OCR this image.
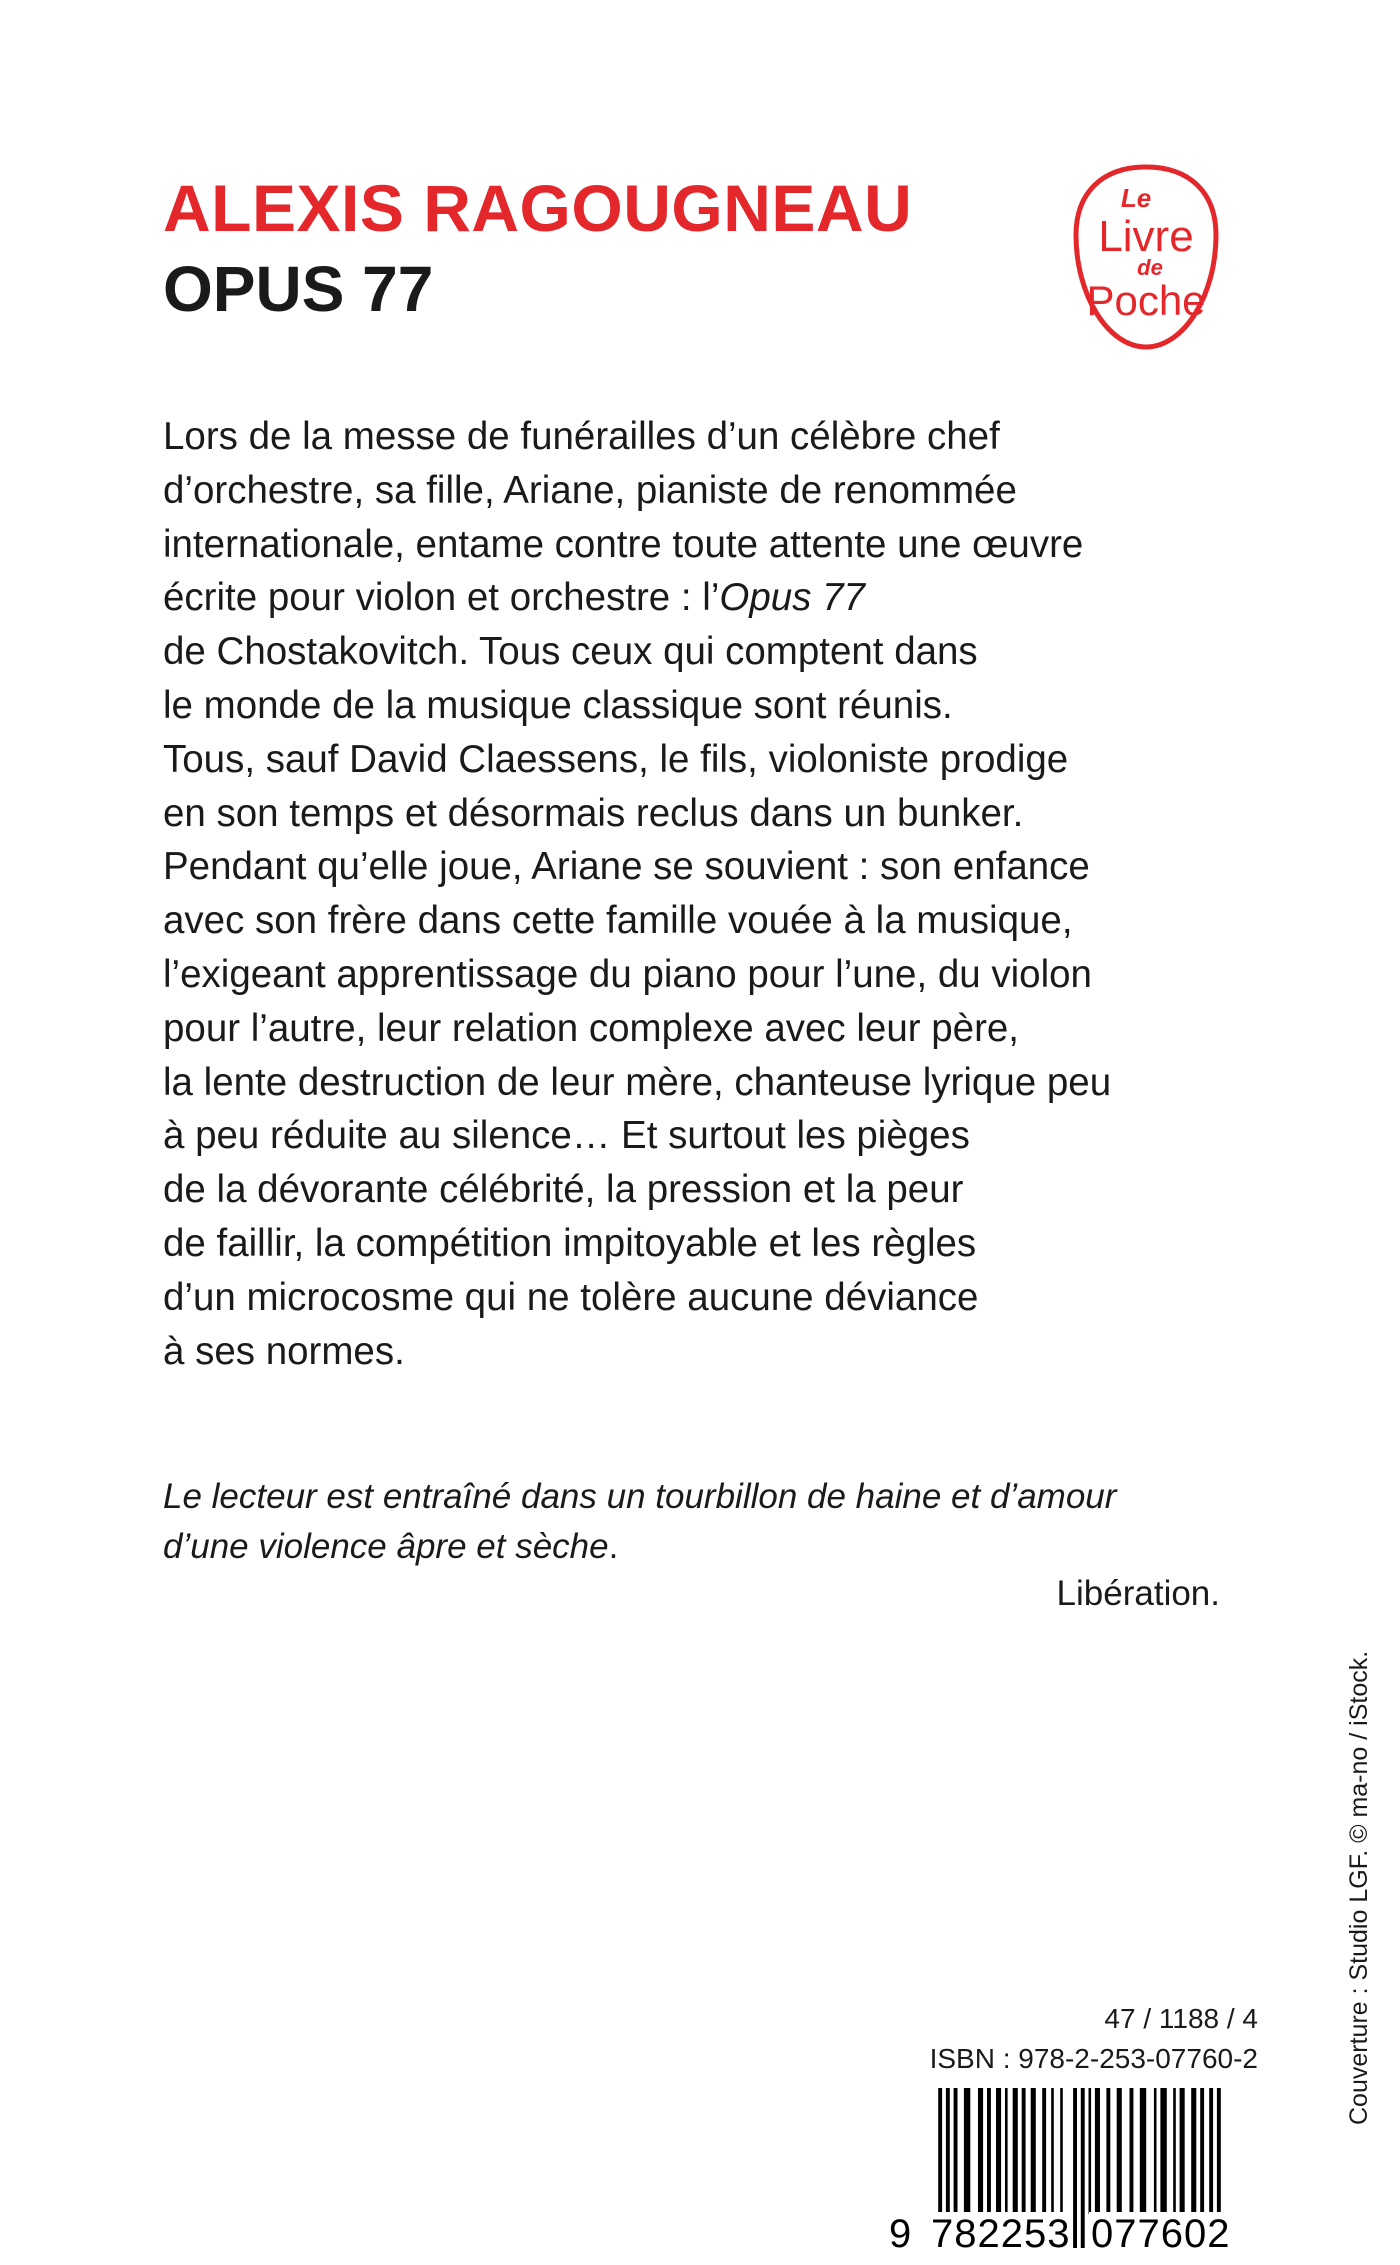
ALEXIS RAGOUGNEAU
OPUS 77
Le
Livre
de
Poche
Lors de la messe de funérailles d’un célèbre chef
d’orchestre, sa fille, Ariane, pianiste de renommée
internationale, entame contre toute attente une œuvre
écrite pour violon et orchestre : l’Opus 77
de Chostakovitch. Tous ceux qui comptent dans
le monde de la musique classique sont réunis.
Tous, sauf David Claessens, le fils, violoniste prodige
en son temps et désormais reclus dans un bunker.
Pendant qu’elle joue, Ariane se souvient : son enfance
avec son frère dans cette famille vouée à la musique,
l’exigeant apprentissage du piano pour l’une, du violon
pour l’autre, leur relation complexe avec leur père,
la lente destruction de leur mère, chanteuse lyrique peu
à peu réduite au silence… Et surtout les pièges
de la dévorante célébrité, la pression et la peur
de faillir, la compétition impitoyable et les règles
d’un microcosme qui ne tolère aucune déviance
à ses normes.
Le lecteur est entraîné dans un tourbillon de haine et d’amour
d’une violence âpre et sèche.
Libération.
Couverture : Studio LGF. © ma-no / iStock.
47 / 1188 / 4
ISBN : 978-2-253-07760-2
9 782253 077602
